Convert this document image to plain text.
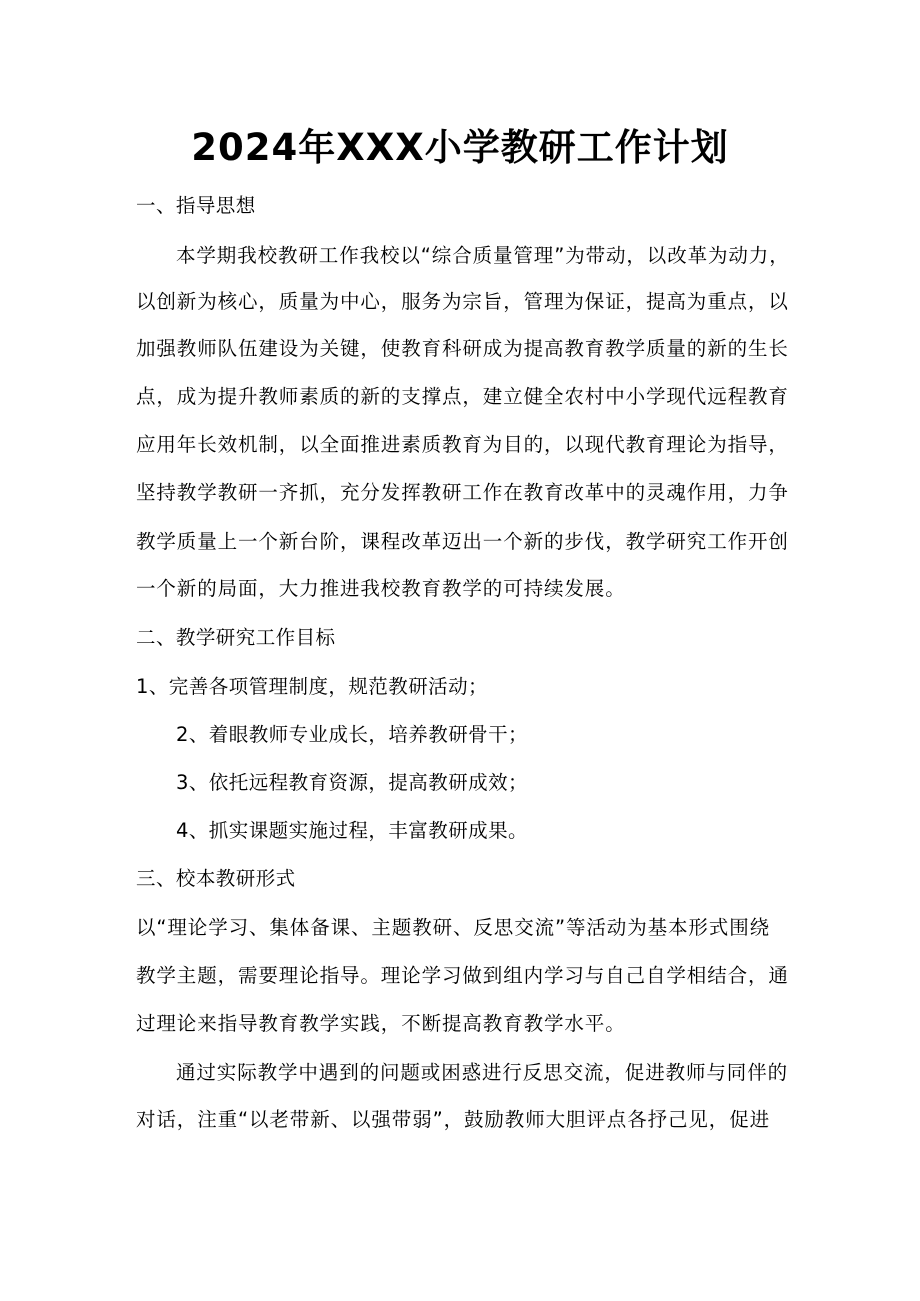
2024年XXX小学教研工作计划
一、指导思想
本学期我校教研工作我校以“综合质量管理”为带动，以改革为动力，
以创新为核心，质量为中心，服务为宗旨，管理为保证，提高为重点，以
加强教师队伍建设为关键，使教育科研成为提高教育教学质量的新的生长
点，成为提升教师素质的新的支撑点，建立健全农村中小学现代远程教育
应用年长效机制，以全面推进素质教育为目的，以现代教育理论为指导，
坚持教学教研一齐抓，充分发挥教研工作在教育改革中的灵魂作用，力争
教学质量上一个新台阶，课程改革迈出一个新的步伐，教学研究工作开创
一个新的局面，大力推进我校教育教学的可持续发展。
二、教学研究工作目标
1、完善各项管理制度，规范教研活动；
2、着眼教师专业成长，培养教研骨干；
3、依托远程教育资源，提高教研成效；
4、抓实课题实施过程，丰富教研成果。
三、校本教研形式
以“理论学习、集体备课、主题教研、反思交流”等活动为基本形式围绕
教学主题，需要理论指导。理论学习做到组内学习与自己自学相结合，通
过理论来指导教育教学实践，不断提高教育教学水平。
通过实际教学中遇到的问题或困惑进行反思交流，促进教师与同伴的
对话，注重“以老带新、以强带弱”，鼓励教师大胆评点各抒己见，促进
